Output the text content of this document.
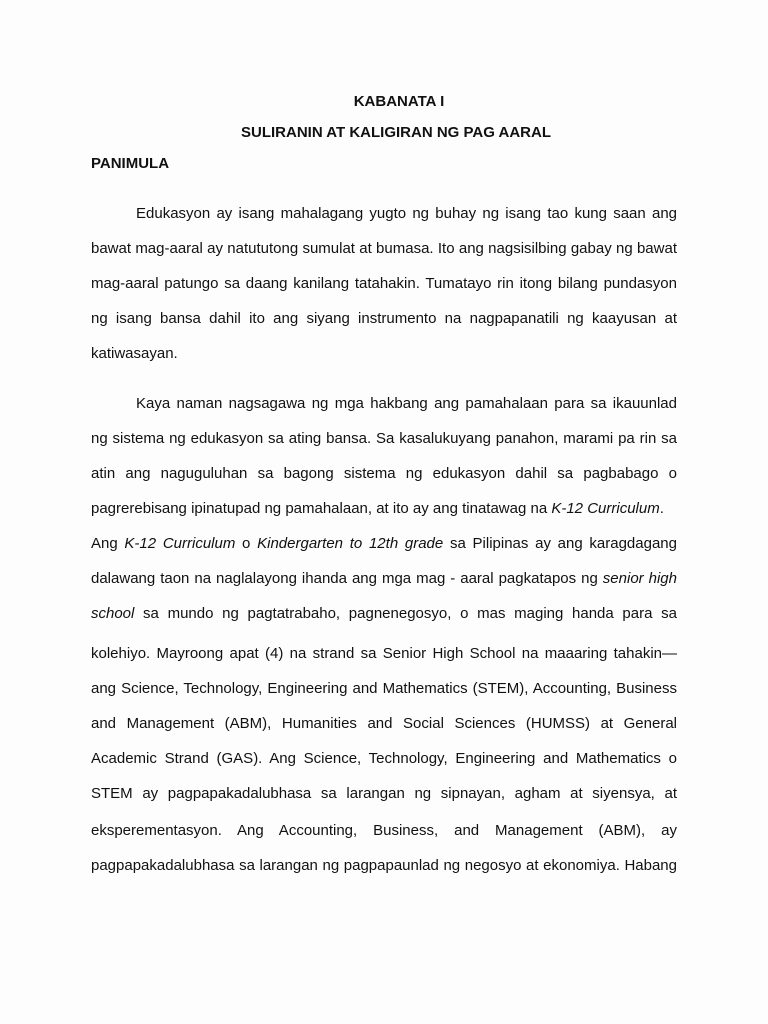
KABANATA I
SULIRANIN AT KALIGIRAN NG PAG AARAL
PANIMULA

Edukasyon ay isang mahalagang yugto ng buhay ng isang tao kung saan ang

bawat mag-aaral ay natututong sumulat at bumasa. Ito ang nagsisilbing gabay ng bawat

mag-aaral patungo sa daang kanilang tatahakin. Tumatayo rin itong bilang pundasyon

ng isang bansa dahil ito ang siyang instrumento na nagpapanatili ng kaayusan at

katiwasayan.

Kaya naman nagsagawa ng mga hakbang ang pamahalaan para sa ikauunlad

ng sistema ng edukasyon sa ating bansa. Sa kasalukuyang panahon, marami pa rin sa

atin ang naguguluhan sa bagong sistema ng edukasyon dahil sa pagbabago o

pagrerebisang ipinatupad ng pamahalaan, at ito ay ang tinatawag na K-12 Curriculum.

Ang K-12 Curriculum o Kindergarten to 12th grade sa Pilipinas ay ang karagdagang

dalawang taon na naglalayong ihanda ang mga mag - aaral pagkatapos ng senior high

school sa mundo ng pagtatrabaho, pagnenegosyo, o mas maging handa para sa

kolehiyo. Mayroong apat (4) na strand sa Senior High School na maaaring tahakin—

ang Science, Technology, Engineering and Mathematics (STEM), Accounting, Business

and Management (ABM), Humanities and Social Sciences (HUMSS) at General

Academic Strand (GAS). Ang Science, Technology, Engineering and Mathematics o

STEM ay pagpapakadalubhasa sa larangan ng sipnayan, agham at siyensya, at

eksperementasyon. Ang Accounting, Business, and Management (ABM), ay

pagpapakadalubhasa sa larangan ng pagpapaunlad ng negosyo at ekonomiya. Habang
